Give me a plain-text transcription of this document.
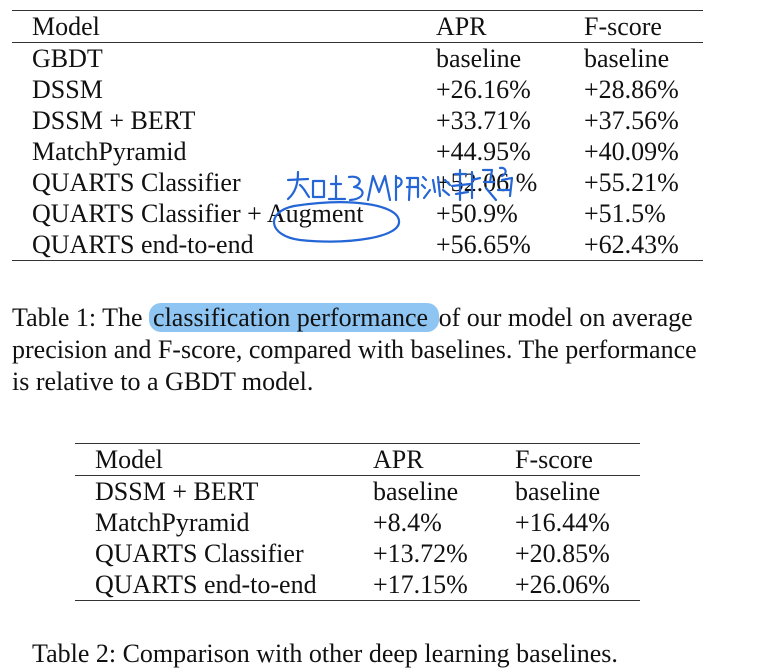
Model	APR	F-score
GBDT	baseline	baseline
DSSM	+26.16%	+28.86%
DSSM + BERT	+33.71%	+37.56%
MatchPyramid	+44.95%	+40.09%
QUARTS Classifier	+52.06 %	+55.21%
QUARTS Classifier + Augment	+50.9%	+51.5%
QUARTS end-to-end	+56.65%	+62.43%

Table 1: The classification performance of our model on average precision and F-score, compared with baselines. The performance is relative to a GBDT model.

Model	APR	F-score
DSSM + BERT	baseline	baseline
MatchPyramid	+8.4%	+16.44%
QUARTS Classifier	+13.72%	+20.85%
QUARTS end-to-end	+17.15%	+26.06%

Table 2: Comparison with other deep learning baselines.
